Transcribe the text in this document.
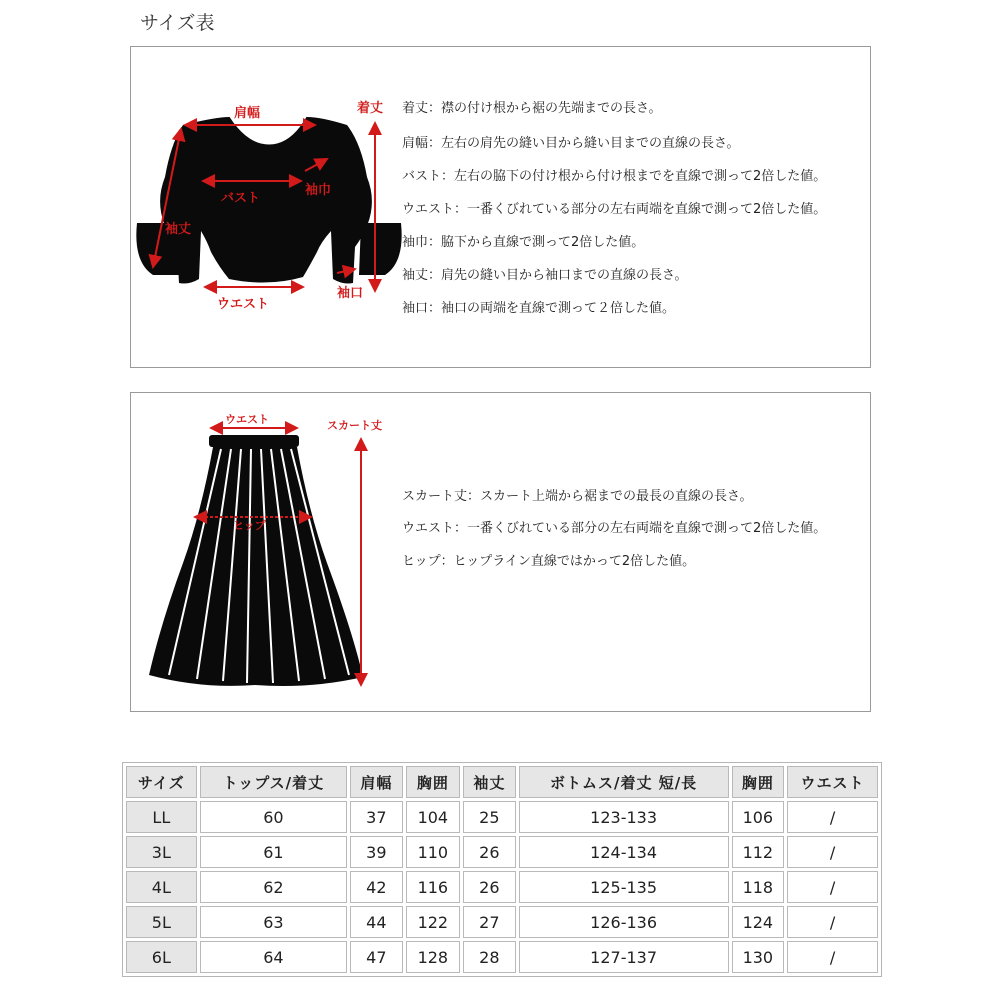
サイズ表
肩幅	着丈
バスト
袖巾
袖丈
ウエスト
袖口
着丈：襟の付け根から裾の先端までの長さ。
肩幅：左右の肩先の縫い目から縫い目までの直線の長さ。
バスト：左右の脇下の付け根から付け根までを直線で測って2倍した値。
ウエスト：一番くびれている部分の左右両端を直線で測って2倍した値。
袖巾：脇下から直線で測って2倍した値。
袖丈：肩先の縫い目から袖口までの直線の長さ。
袖口：袖口の両端を直線で測って２倍した値。
ウエスト	スカート丈
ヒップ
スカート丈：スカート上端から裾までの最長の直線の長さ。
ウエスト：一番くびれている部分の左右両端を直線で測って2倍した値。
ヒップ：ヒップライン直線ではかって2倍した値。
サイズ	トップス/着丈	肩幅	胸囲	袖丈	ボトムス/着丈 短/長	胸囲	ウエスト
LL	60	37	104	25	123-133	106	/
3L	61	39	110	26	124-134	112	/
4L	62	42	116	26	125-135	118	/
5L	63	44	122	27	126-136	124	/
6L	64	47	128	28	127-137	130	/
